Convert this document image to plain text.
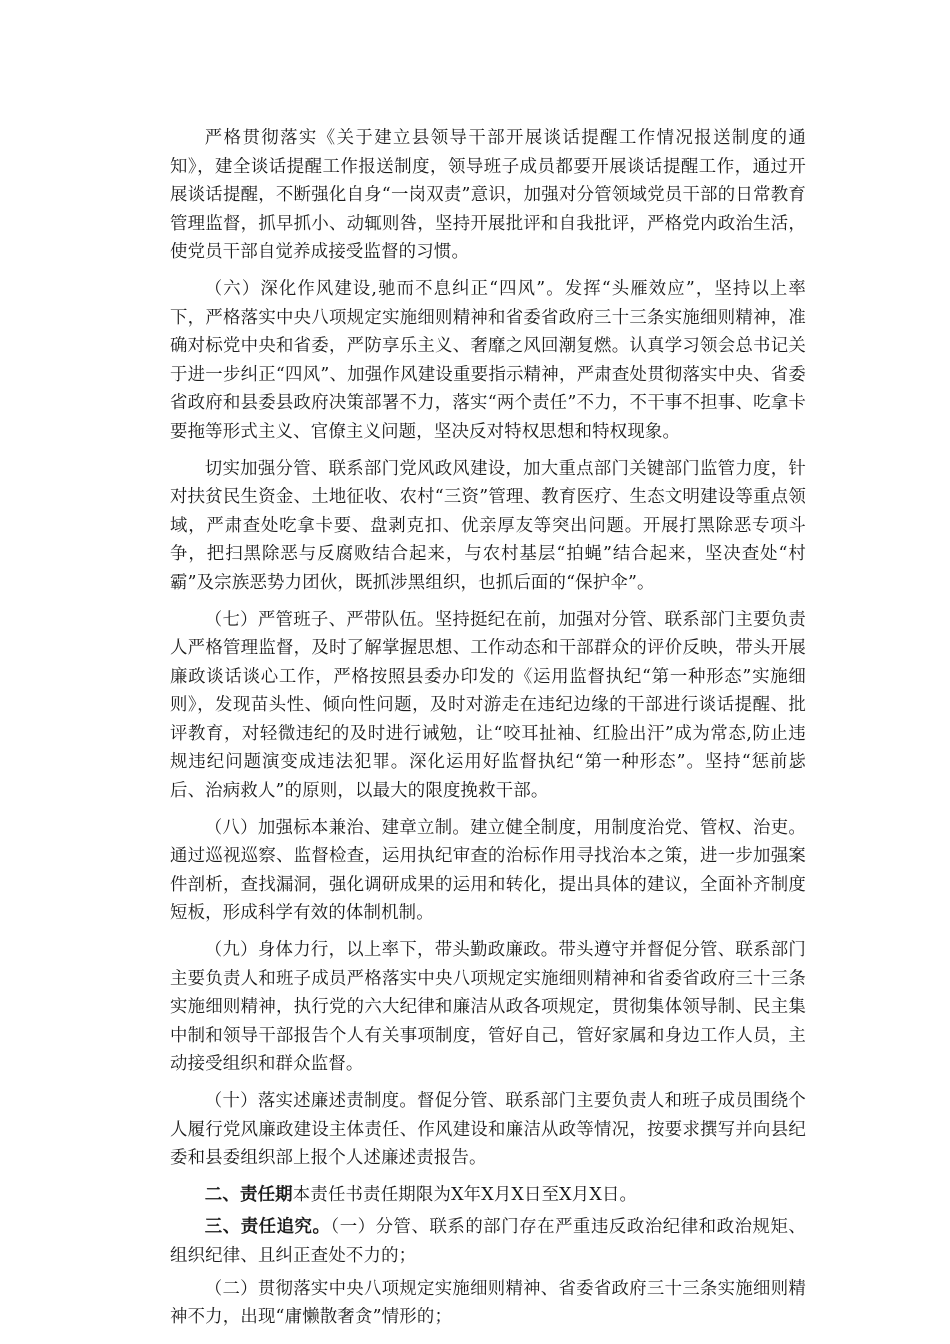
严格贯彻落实《关于建立县领导干部开展谈话提醒工作情况报送制度的通知》，建全谈话提醒工作报送制度，领导班子成员都要开展谈话提醒工作，通过开展谈话提醒，不断强化自身“一岗双责”意识，加强对分管领域党员干部的日常教育管理监督，抓早抓小、动辄则咎，坚持开展批评和自我批评，严格党内政治生活，使党员干部自觉养成接受监督的习惯。

（六）深化作风建设,驰而不息纠正“四风”。发挥“头雁效应”，坚持以上率下，严格落实中央八项规定实施细则精神和省委省政府三十三条实施细则精神，准确对标党中央和省委，严防享乐主义、奢靡之风回潮复燃。认真学习领会总书记关于进一步纠正“四风”、加强作风建设重要指示精神，严肃查处贯彻落实中央、省委省政府和县委县政府决策部署不力，落实“两个责任”不力，不干事不担事、吃拿卡要拖等形式主义、官僚主义问题，坚决反对特权思想和特权现象。

切实加强分管、联系部门党风政风建设，加大重点部门关键部门监管力度，针对扶贫民生资金、土地征收、农村“三资”管理、教育医疗、生态文明建设等重点领域，严肃查处吃拿卡要、盘剥克扣、优亲厚友等突出问题。开展打黑除恶专项斗争，把扫黑除恶与反腐败结合起来，与农村基层“拍蝇”结合起来，坚决查处“村霸”及宗族恶势力团伙，既抓涉黑组织，也抓后面的“保护伞”。

（七）严管班子、严带队伍。坚持挺纪在前，加强对分管、联系部门主要负责人严格管理监督，及时了解掌握思想、工作动态和干部群众的评价反映，带头开展廉政谈话谈心工作，严格按照县委办印发的《运用监督执纪“第一种形态”实施细则》，发现苗头性、倾向性问题，及时对游走在违纪边缘的干部进行谈话提醒、批评教育，对轻微违纪的及时进行诫勉，让“咬耳扯袖、红脸出汗”成为常态,防止违规违纪问题演变成违法犯罪。深化运用好监督执纪“第一种形态”。坚持“惩前毖后、治病救人”的原则，以最大的限度挽救干部。

（八）加强标本兼治、建章立制。建立健全制度，用制度治党、管权、治吏。通过巡视巡察、监督检查，运用执纪审查的治标作用寻找治本之策，进一步加强案件剖析，查找漏洞，强化调研成果的运用和转化，提出具体的建议，全面补齐制度短板，形成科学有效的体制机制。

（九）身体力行，以上率下，带头勤政廉政。带头遵守并督促分管、联系部门主要负责人和班子成员严格落实中央八项规定实施细则精神和省委省政府三十三条实施细则精神，执行党的六大纪律和廉洁从政各项规定，贯彻集体领导制、民主集中制和领导干部报告个人有关事项制度，管好自己，管好家属和身边工作人员，主动接受组织和群众监督。

（十）落实述廉述责制度。督促分管、联系部门主要负责人和班子成员围绕个人履行党风廉政建设主体责任、作风建设和廉洁从政等情况，按要求撰写并向县纪委和县委组织部上报个人述廉述责报告。

二、责任期本责任书责任期限为X年X月X日至X月X日。

三、责任追究。（一）分管、联系的部门存在严重违反政治纪律和政治规矩、组织纪律、且纠正查处不力的；

（二）贯彻落实中央八项规定实施细则精神、省委省政府三十三条实施细则精神不力，出现“庸懒散奢贪”情形的；
